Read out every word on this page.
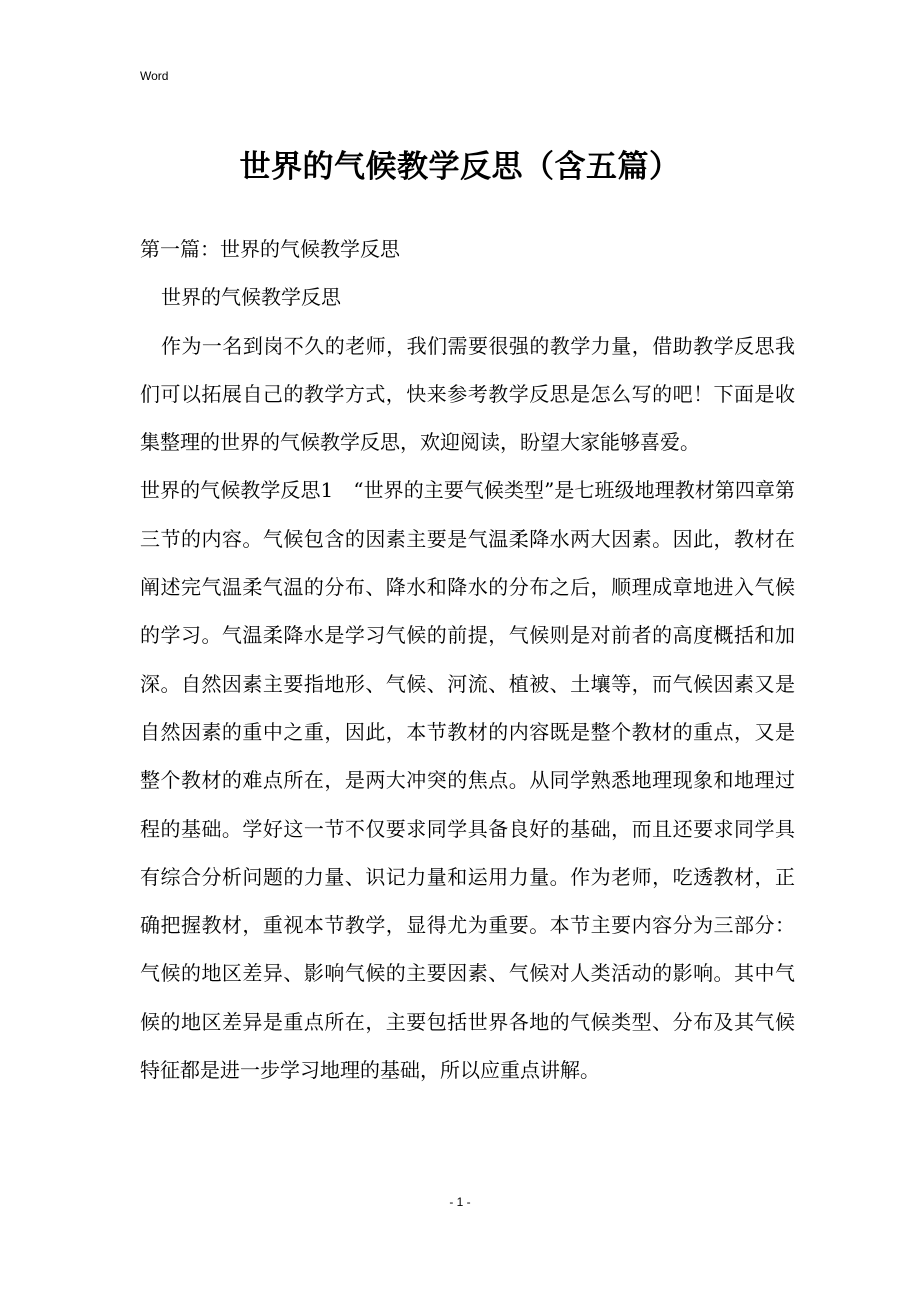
Word
世界的气候教学反思（含五篇）

第一篇：世界的气候教学反思

世界的气候教学反思

作为一名到岗不久的老师，我们需要很强的教学力量，借助教学反思我们可以拓展自己的教学方式，快来参考教学反思是怎么写的吧！下面是收集整理的世界的气候教学反思，欢迎阅读，盼望大家能够喜爱。

世界的气候教学反思1　“世界的主要气候类型”是七班级地理教材第四章第三节的内容。气候包含的因素主要是气温柔降水两大因素。因此，教材在阐述完气温柔气温的分布、降水和降水的分布之后，顺理成章地进入气候的学习。气温柔降水是学习气候的前提，气候则是对前者的高度概括和加深。自然因素主要指地形、气候、河流、植被、土壤等，而气候因素又是自然因素的重中之重，因此，本节教材的内容既是整个教材的重点，又是整个教材的难点所在，是两大冲突的焦点。从同学熟悉地理现象和地理过程的基础。学好这一节不仅要求同学具备良好的基础，而且还要求同学具有综合分析问题的力量、识记力量和运用力量。作为老师，吃透教材，正确把握教材，重视本节教学，显得尤为重要。本节主要内容分为三部分：气候的地区差异、影响气候的主要因素、气候对人类活动的影响。其中气候的地区差异是重点所在，主要包括世界各地的气候类型、分布及其气候特征都是进一步学习地理的基础，所以应重点讲解。

- 1 -
